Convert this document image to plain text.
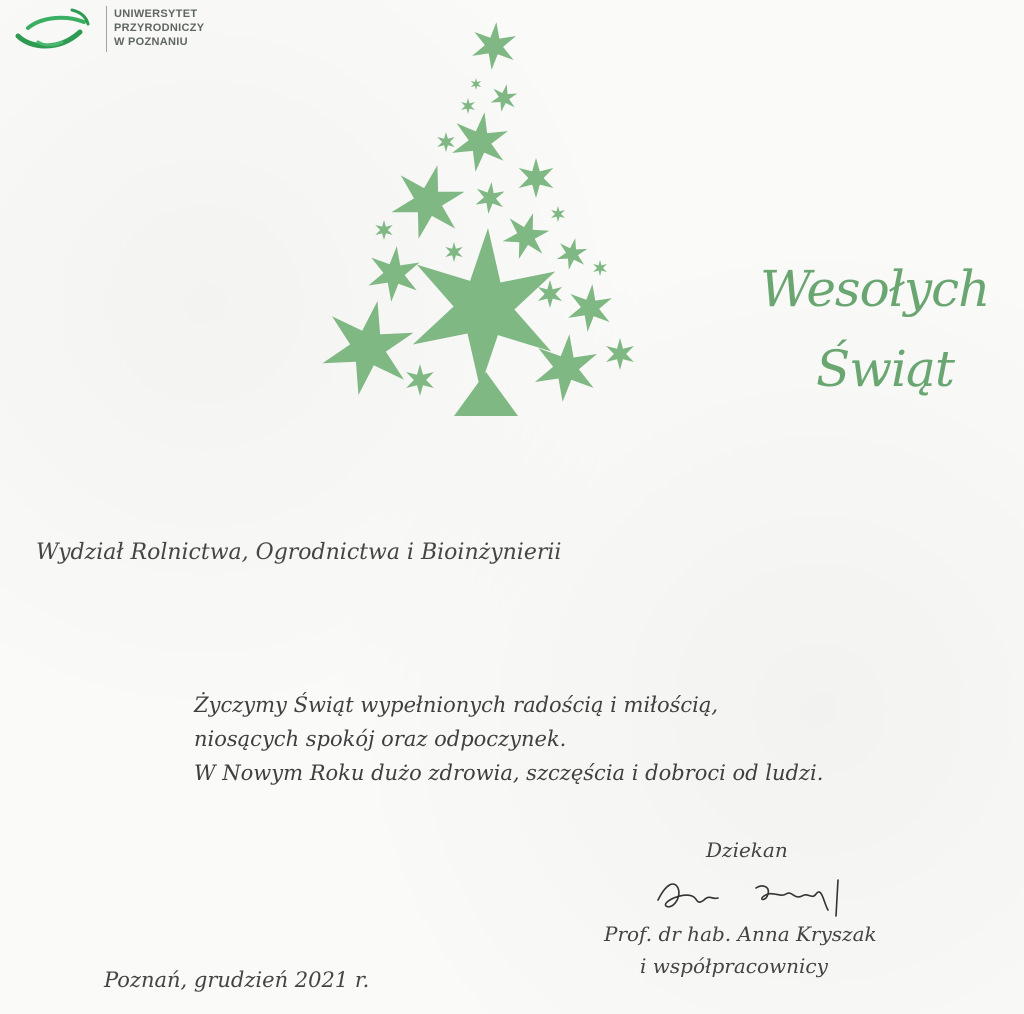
UNIWERSYTET
PRZYRODNICZY
W POZNANIU
Wesołych
Świąt
Wydział Rolnictwa, Ogrodnictwa i Bioinżynierii
Życzymy Świąt wypełnionych radością i miłością,
niosących spokój oraz odpoczynek.
W Nowym Roku dużo zdrowia, szczęścia i dobroci od ludzi.
Dziekan
Prof. dr hab. Anna Kryszak
i współpracownicy
Poznań, grudzień 2021 r.
